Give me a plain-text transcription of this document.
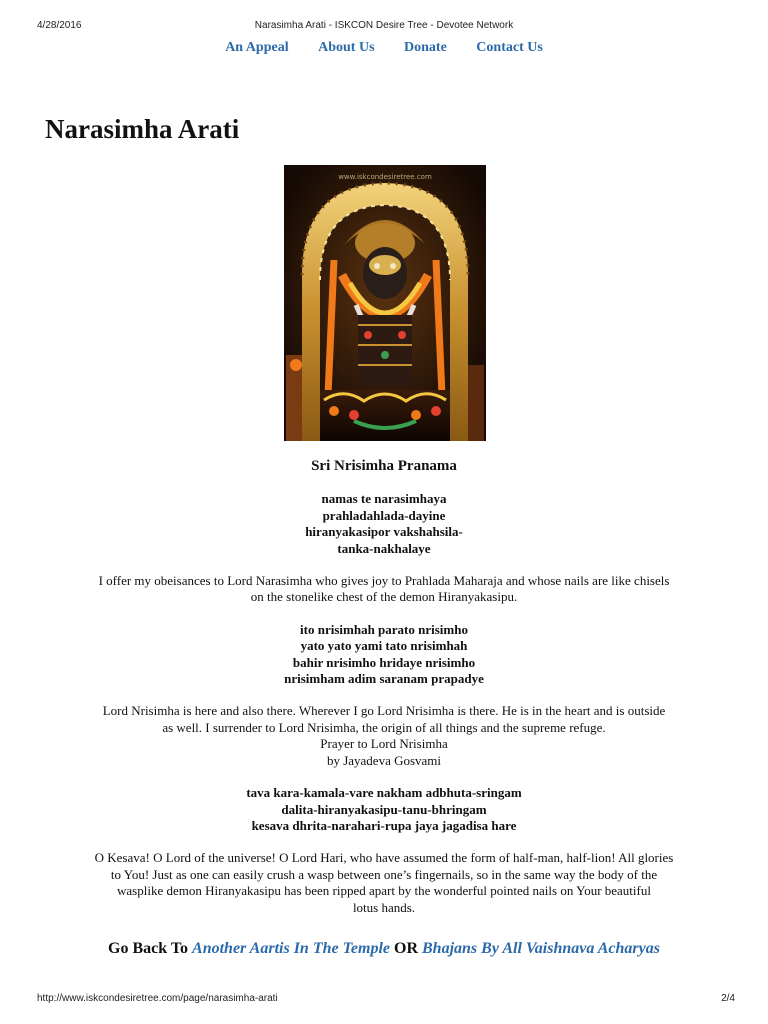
4/28/2016	Narasimha Arati - ISKCON Desire Tree - Devotee Network
An Appeal About Us Donate Contact Us
Narasimha Arati
www.iskcondesiretree.com
Sri Nrisimha Pranama
namas te narasimhaya
prahladahlada-dayine
hiranyakasipor vakshahsila-
tanka-nakhalaye
I offer my obeisances to Lord Narasimha who gives joy to Prahlada Maharaja and whose nails are like chisels
on the stonelike chest of the demon Hiranyakasipu.
ito nrisimhah parato nrisimho
yato yato yami tato nrisimhah
bahir nrisimho hridaye nrisimho
nrisimham adim saranam prapadye
Lord Nrisimha is here and also there. Wherever I go Lord Nrisimha is there. He is in the heart and is outside
as well. I surrender to Lord Nrisimha, the origin of all things and the supreme refuge.
Prayer to Lord Nrisimha
by Jayadeva Gosvami
tava kara-kamala-vare nakham adbhuta-sringam
dalita-hiranyakasipu-tanu-bhringam
kesava dhrita-narahari-rupa jaya jagadisa hare
O Kesava! O Lord of the universe! O Lord Hari, who have assumed the form of half-man, half-lion! All glories
to You! Just as one can easily crush a wasp between one’s fingernails, so in the same way the body of the
wasplike demon Hiranyakasipu has been ripped apart by the wonderful pointed nails on Your beautiful
lotus hands.
Go Back To Another Aartis In The Temple OR Bhajans By All Vaishnava Acharyas
http://www.iskcondesiretree.com/page/narasimha-arati	2/4
